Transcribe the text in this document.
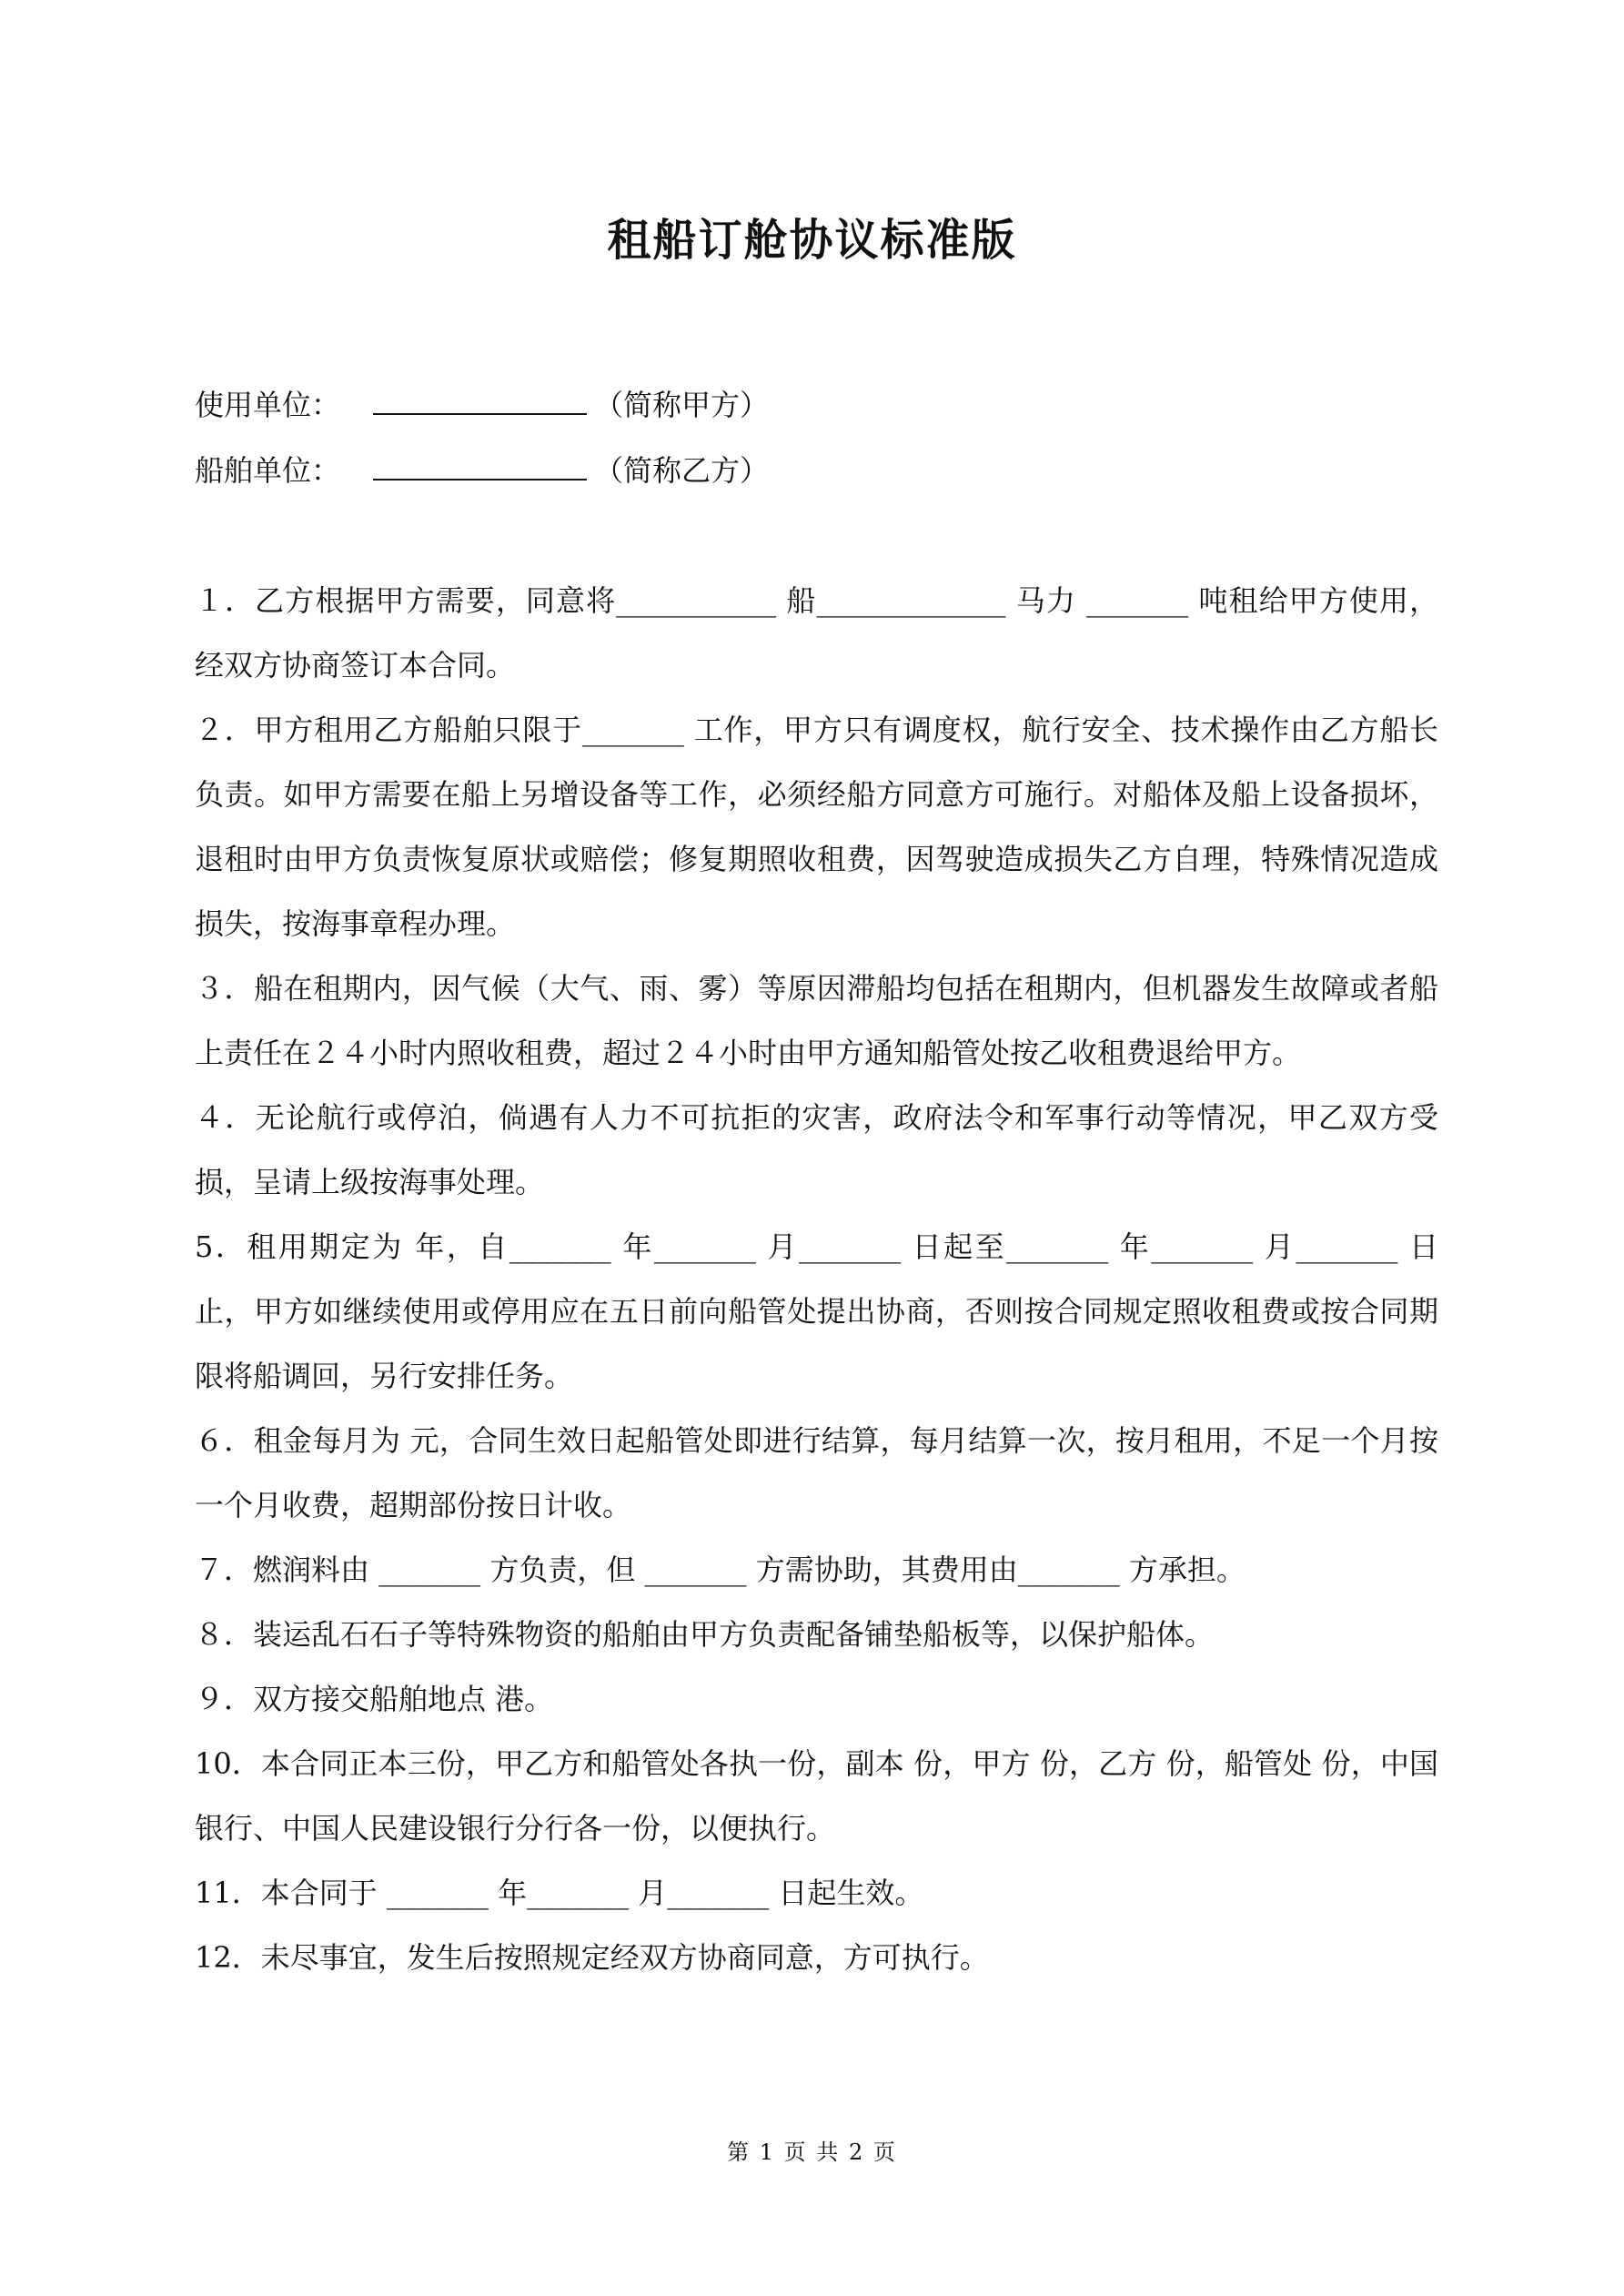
租船订舱协议标准版
使用单位：	（简称甲方）
船舶单位：	（简称乙方）

１．乙方根据甲方需要，同意将___________ 船_____________ 马力 _______ 吨租给甲方使用，经双方协商签订本合同。

２．甲方租用乙方船舶只限于_______ 工作，甲方只有调度权，航行安全、技术操作由乙方船长负责。如甲方需要在船上另增设备等工作，必须经船方同意方可施行。对船体及船上设备损坏，退租时由甲方负责恢复原状或赔偿；修复期照收租费，因驾驶造成损失乙方自理，特殊情况造成损失，按海事章程办理。

３．船在租期内，因气候（大气、雨、雾）等原因滞船均包括在租期内，但机器发生故障或者船上责任在２４小时内照收租费，超过２４小时由甲方通知船管处按乙收租费退给甲方。

４．无论航行或停泊，倘遇有人力不可抗拒的灾害，政府法令和军事行动等情况，甲乙双方受损，呈请上级按海事处理。

5．租用期定为 年，自_______ 年_______ 月_______ 日起至_______ 年_______ 月_______ 日止，甲方如继续使用或停用应在五日前向船管处提出协商，否则按合同规定照收租费或按合同期限将船调回，另行安排任务。

６．租金每月为 元，合同生效日起船管处即进行结算，每月结算一次，按月租用，不足一个月按一个月收费，超期部份按日计收。

７．燃润料由 _______ 方负责，但 _______ 方需协助，其费用由_______ 方承担。

８．装运乱石石子等特殊物资的船舶由甲方负责配备铺垫船板等，以保护船体。

９．双方接交船舶地点 港。

10．本合同正本三份，甲乙方和船管处各执一份，副本 份，甲方 份，乙方 份，船管处 份，中国银行、中国人民建设银行分行各一份，以便执行。

11．本合同于 _______ 年_______ 月_______ 日起生效。

12．未尽事宜，发生后按照规定经双方协商同意，方可执行。

第 1 页 共 2 页
